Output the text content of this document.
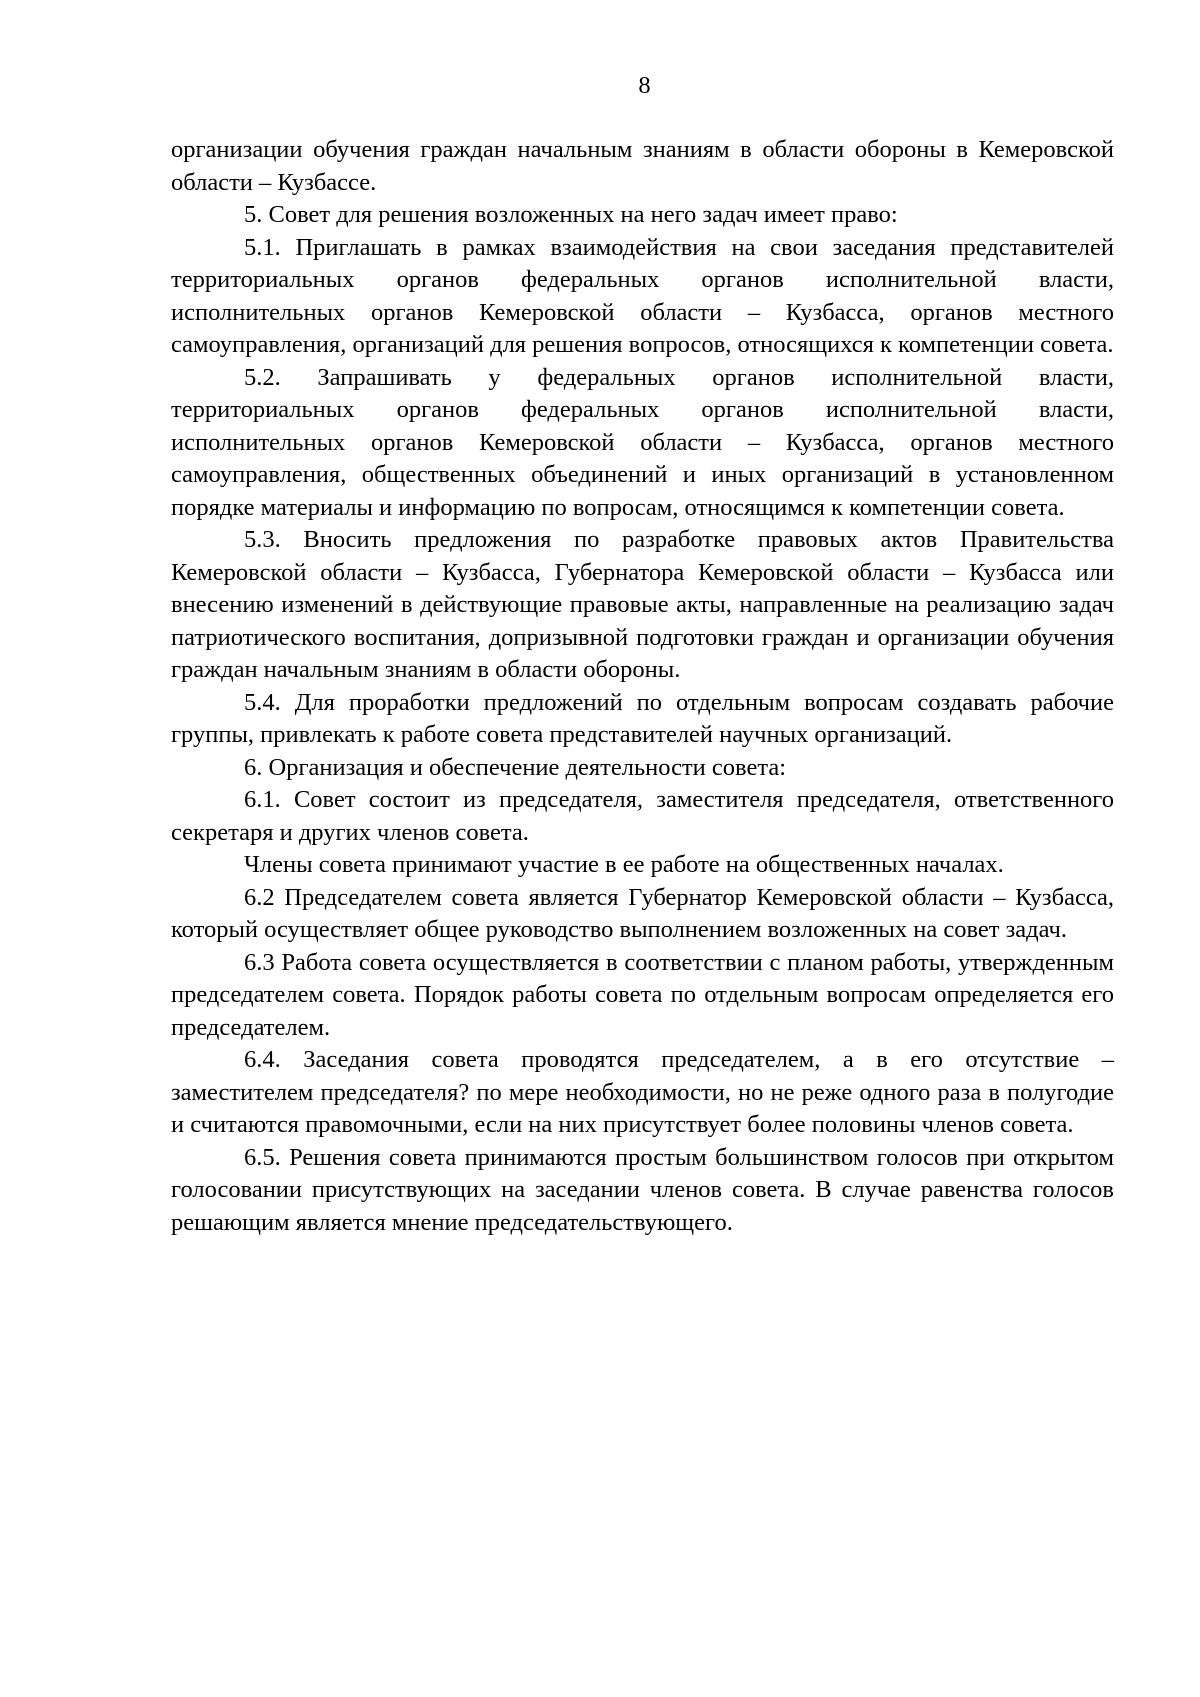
8

организации обучения граждан начальным знаниям в области обороны в Кемеровской области – Кузбассе.

5. Совет для решения возложенных на него задач имеет право:

5.1. Приглашать в рамках взаимодействия на свои заседания представителей территориальных органов федеральных органов исполнительной власти, исполнительных органов Кемеровской области – Кузбасса, органов местного самоуправления, организаций для решения вопросов, относящихся к компетенции совета.

5.2. Запрашивать у федеральных органов исполнительной власти, территориальных органов федеральных органов исполнительной власти, исполнительных органов Кемеровской области – Кузбасса, органов местного самоуправления, общественных объединений и иных организаций в установленном порядке материалы и информацию по вопросам, относящимся к компетенции совета.

5.3. Вносить предложения по разработке правовых актов Правительства Кемеровской области – Кузбасса, Губернатора Кемеровской области – Кузбасса или внесению изменений в действующие правовые акты, направленные на реализацию задач патриотического воспитания, допризывной подготовки граждан и организации обучения граждан начальным знаниям в области обороны.

5.4. Для проработки предложений по отдельным вопросам создавать рабочие группы, привлекать к работе совета представителей научных организаций.

6. Организация и обеспечение деятельности совета:

6.1. Совет состоит из председателя, заместителя председателя, ответственного секретаря и других членов совета.

Члены совета принимают участие в ее работе на общественных началах.

6.2 Председателем совета является Губернатор Кемеровской области – Кузбасса, который осуществляет общее руководство выполнением возложенных на совет задач.

6.3 Работа совета осуществляется в соответствии с планом работы, утвержденным председателем совета. Порядок работы совета по отдельным вопросам определяется его председателем.

6.4. Заседания совета проводятся председателем, а в его отсутствие – заместителем председателя? по мере необходимости, но не реже одного раза в полугодие и считаются правомочными, если на них присутствует более половины членов совета.

6.5. Решения совета принимаются простым большинством голосов при открытом голосовании присутствующих на заседании членов совета. В случае равенства голосов решающим является мнение председательствующего.
